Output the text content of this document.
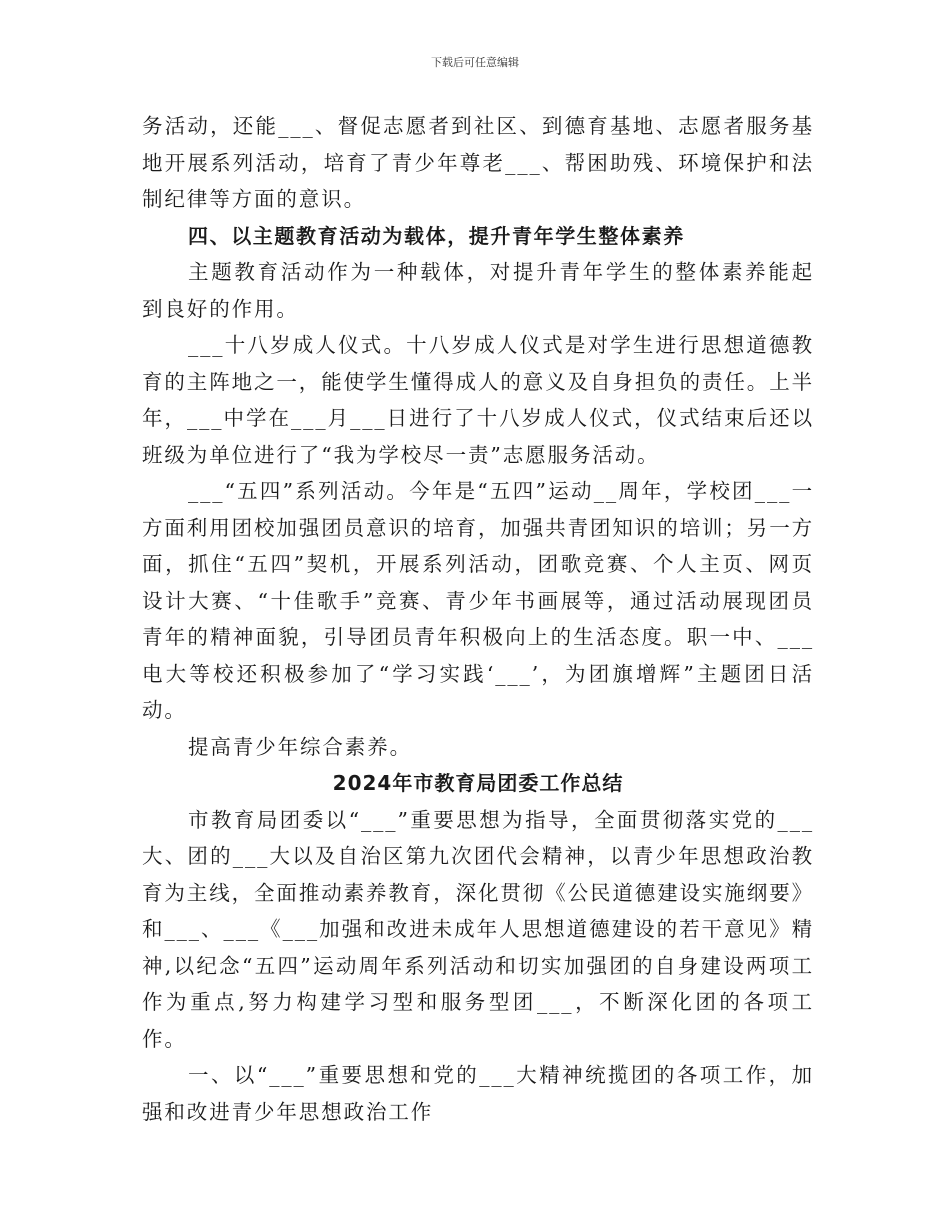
下载后可任意编辑

务活动，还能___、督促志愿者到社区、到德育基地、志愿者服务基地开展系列活动，培育了青少年尊老___、帮困助残、环境保护和法制纪律等方面的意识。

四、以主题教育活动为载体，提升青年学生整体素养

主题教育活动作为一种载体，对提升青年学生的整体素养能起到良好的作用。

___十八岁成人仪式。十八岁成人仪式是对学生进行思想道德教育的主阵地之一，能使学生懂得成人的意义及自身担负的责任。上半年，___中学在___月___日进行了十八岁成人仪式，仪式结束后还以班级为单位进行了“我为学校尽一责”志愿服务活动。

___“五四”系列活动。今年是“五四”运动__周年，学校团___一方面利用团校加强团员意识的培育，加强共青团知识的培训；另一方面，抓住“五四”契机，开展系列活动，团歌竞赛、个人主页、网页设计大赛、“十佳歌手”竞赛、青少年书画展等，通过活动展现团员青年的精神面貌，引导团员青年积极向上的生活态度。职一中、___电大等校还积极参加了“学习实践‘___’，为团旗增辉”主题团日活动。

提高青少年综合素养。

2024年市教育局团委工作总结

市教育局团委以“___”重要思想为指导，全面贯彻落实党的___大、团的___大以及自治区第九次团代会精神，以青少年思想政治教育为主线，全面推动素养教育，深化贯彻《公民道德建设实施纲要》和___、___《___加强和改进未成年人思想道德建设的若干意见》精神,以纪念“五四”运动周年系列活动和切实加强团的自身建设两项工作为重点,努力构建学习型和服务型团___，不断深化团的各项工作。

一、以“___”重要思想和党的___大精神统揽团的各项工作，加强和改进青少年思想政治工作
